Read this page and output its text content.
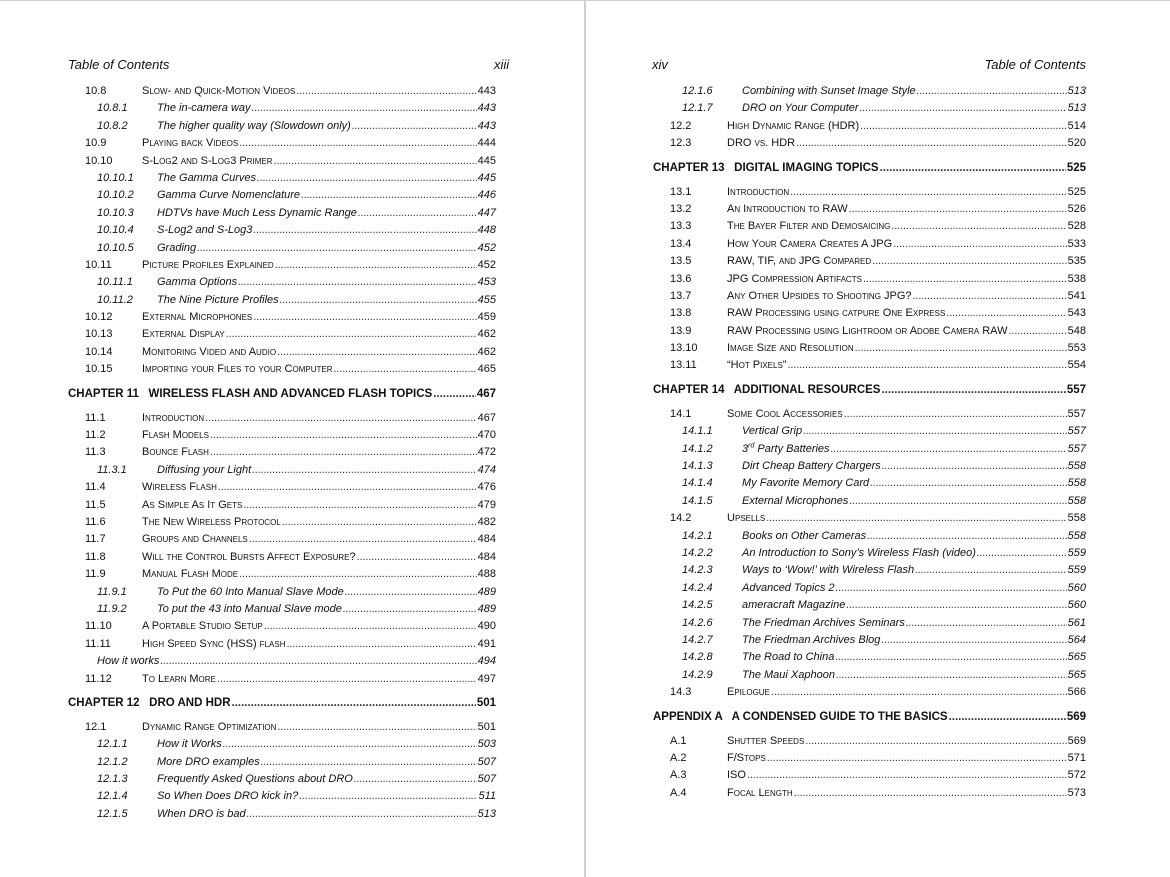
Table of Contents	xiii
10.8	Slow- and Quick-Motion Videos . . .	443
10.8.1	The in-camera way . . .	443
10.8.2	The higher quality way (Slowdown only) . . .	443
10.9	Playing back Videos . . .	444
10.10	S-Log2 and S-Log3 Primer . . .	445
10.10.1 The Gamma Curves . . .	445
10.10.2 Gamma Curve Nomenclature . . .	446
10.10.3 HDTVs have Much Less Dynamic Range . . .	447
10.10.4 S-Log2 and S-Log3 . . .	448
10.10.5 Grading . . .	452
10.11	Picture Profiles Explained . . .	452
10.11.1 Gamma Options . . .	453
10.11.2 The Nine Picture Profiles . . .	455
10.12	External Microphones . . .	459
10.13	External Display . . .	462
10.14	Monitoring Video and Audio . . .	462
10.15	Importing your Files to your Computer . . .	465
CHAPTER 11   WIRELESS FLASH AND ADVANCED FLASH TOPICS . . .	467
11.1	Introduction . . .	467
11.2	Flash Models . . .	470
11.3	Bounce Flash . . .	472
11.3.1	Diffusing your Light . . .	474
11.4	Wireless Flash . . .	476
11.5	As Simple As It Gets . . .	479
11.6	The New Wireless Protocol . . .	482
11.7	Groups and Channels . . .	484
11.8	Will the Control Bursts Affect Exposure? . . .	484
11.9	Manual Flash Mode . . .	488
11.9.1	To Put the 60 Into Manual Slave Mode . . .	489
11.9.2	To put the 43 into Manual Slave mode . . .	489
11.10	A Portable Studio Setup . . .	490
11.11	High Speed Sync (HSS) flash . . .	491
How it works . . .	494
11.12	To Learn More . . .	497
CHAPTER 12   DRO AND HDR . . .	501
12.1	Dynamic Range Optimization . . .	501
12.1.1	How it Works . . .	503
12.1.2	More DRO examples . . .	507
12.1.3	Frequently Asked Questions about DRO . . .	507
12.1.4	So When Does DRO kick in? . . .	511
12.1.5	When DRO is bad . . .	513
xiv	Table of Contents
12.1.6	Combining with Sunset Image Style . . .	513
12.1.7	DRO on Your Computer . . .	513
12.2	High Dynamic Range (HDR) . . .	514
12.3	DRO vs. HDR . . .	520
CHAPTER 13   DIGITAL IMAGING TOPICS . . .	525
13.1	Introduction . . .	525
13.2	An Introduction to RAW . . .	526
13.3	The Bayer Filter and Demosaicing . . .	528
13.4	How Your Camera Creates A JPG . . .	533
13.5	RAW, TIF, and JPG Compared . . .	535
13.6	JPG Compression Artifacts . . .	538
13.7	Any Other Upsides to Shooting JPG? . . .	541
13.8	RAW Processing using catpure One Express . . .	543
13.9	RAW Processing using Lightroom or Adobe Camera RAW . . .	548
13.10	Image Size and Resolution . . .	553
13.11	“Hot Pixels” . . .	554
CHAPTER 14   ADDITIONAL RESOURCES . . .	557
14.1	Some Cool Accessories . . .	557
14.1.1	Vertical Grip . . .	557
14.1.2	3rd Party Batteries . . .	557
14.1.3	Dirt Cheap Battery Chargers . . .	558
14.1.4	My Favorite Memory Card . . .	558
14.1.5	External Microphones . . .	558
14.2	Upsells . . .	558
14.2.1	Books on Other Cameras . . .	558
14.2.2	An Introduction to Sony’s Wireless Flash (video) . . .	559
14.2.3	Ways to ‘Wow!’ with Wireless Flash . . .	559
14.2.4	Advanced Topics 2 . . .	560
14.2.5	ameracraft Magazine . . .	560
14.2.6	The Friedman Archives Seminars . . .	561
14.2.7	The Friedman Archives Blog . . .	564
14.2.8	The Road to China . . .	565
14.2.9	The Maui Xaphoon . . .	565
14.3	Epilogue . . .	566
APPENDIX A   A CONDENSED GUIDE TO THE BASICS . . .	569
A.1	Shutter Speeds . . .	569
A.2	F/Stops . . .	571
A.3	ISO . . .	572
A.4	Focal Length . . .	573
